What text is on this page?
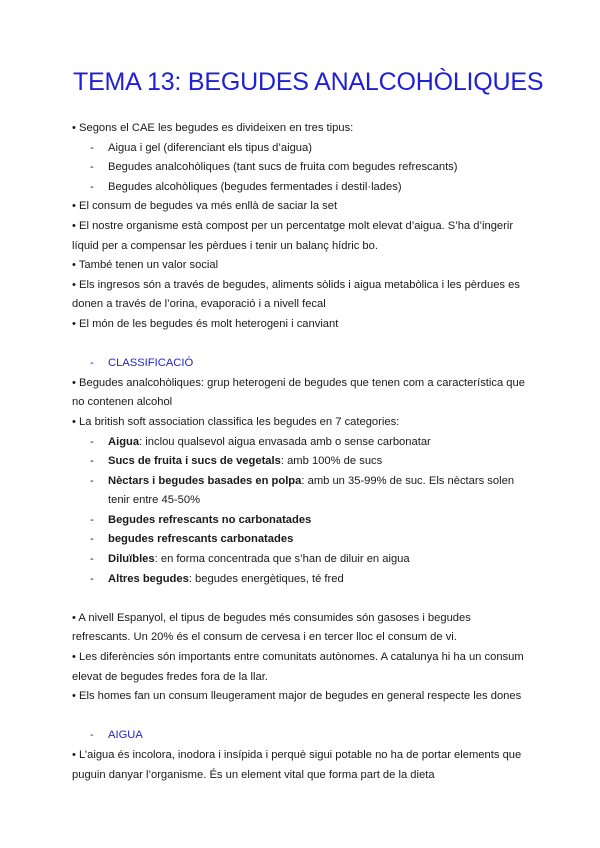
TEMA 13: BEGUDES ANALCOHÒLIQUES

• Segons el CAE les begudes es divideixen en tres tipus:

- Aigua i gel (diferenciant els tipus d’aigua)

- Begudes analcohòliques (tant sucs de fruita com begudes refrescants)

- Begudes alcohòliques (begudes fermentades i destil·lades)

• El consum de begudes va més enllà de saciar la set

• El nostre organisme està compost per un percentatge molt elevat d’aigua. S’ha d’ingerir

líquid per a compensar les pèrdues i tenir un balanç hídric bo.

• També tenen un valor social

• Els ingresos són a través de begudes, aliments sòlids i aigua metabòlica i les pèrdues es

donen a través de l’orina, evaporació i a nivell fecal

• El món de les begudes és molt heterogeni i canviant

- CLASSIFICACIÓ

• Begudes analcohòliques: grup heterogeni de begudes que tenen com a característica que

no contenen alcohol

• La british soft association classifica les begudes en 7 categories:

- Aigua: inclou qualsevol aigua envasada amb o sense carbonatar

- Sucs de fruita i sucs de vegetals: amb 100% de sucs

- Nèctars i begudes basades en polpa: amb un 35-99% de suc. Els nèctars solen
tenir entre 45-50%

- Begudes refrescants no carbonatades

- begudes refrescants carbonatades

- Diluïbles: en forma concentrada que s’han de diluir en aigua

- Altres begudes: begudes energètiques, té fred

• A nivell Espanyol, el tipus de begudes més consumides són gasoses i begudes

refrescants. Un 20% és el consum de cervesa i en tercer lloc el consum de vi.

• Les diferències són importants entre comunitats autònomes. A catalunya hi ha un consum

elevat de begudes fredes fora de la llar.

• Els homes fan un consum lleugerament major de begudes en general respecte les dones

- AIGUA

• L’aigua és incolora, inodora i insípida i perquè sigui potable no ha de portar elements que

puguin danyar l’organisme. És un element vital que forma part de la dieta
